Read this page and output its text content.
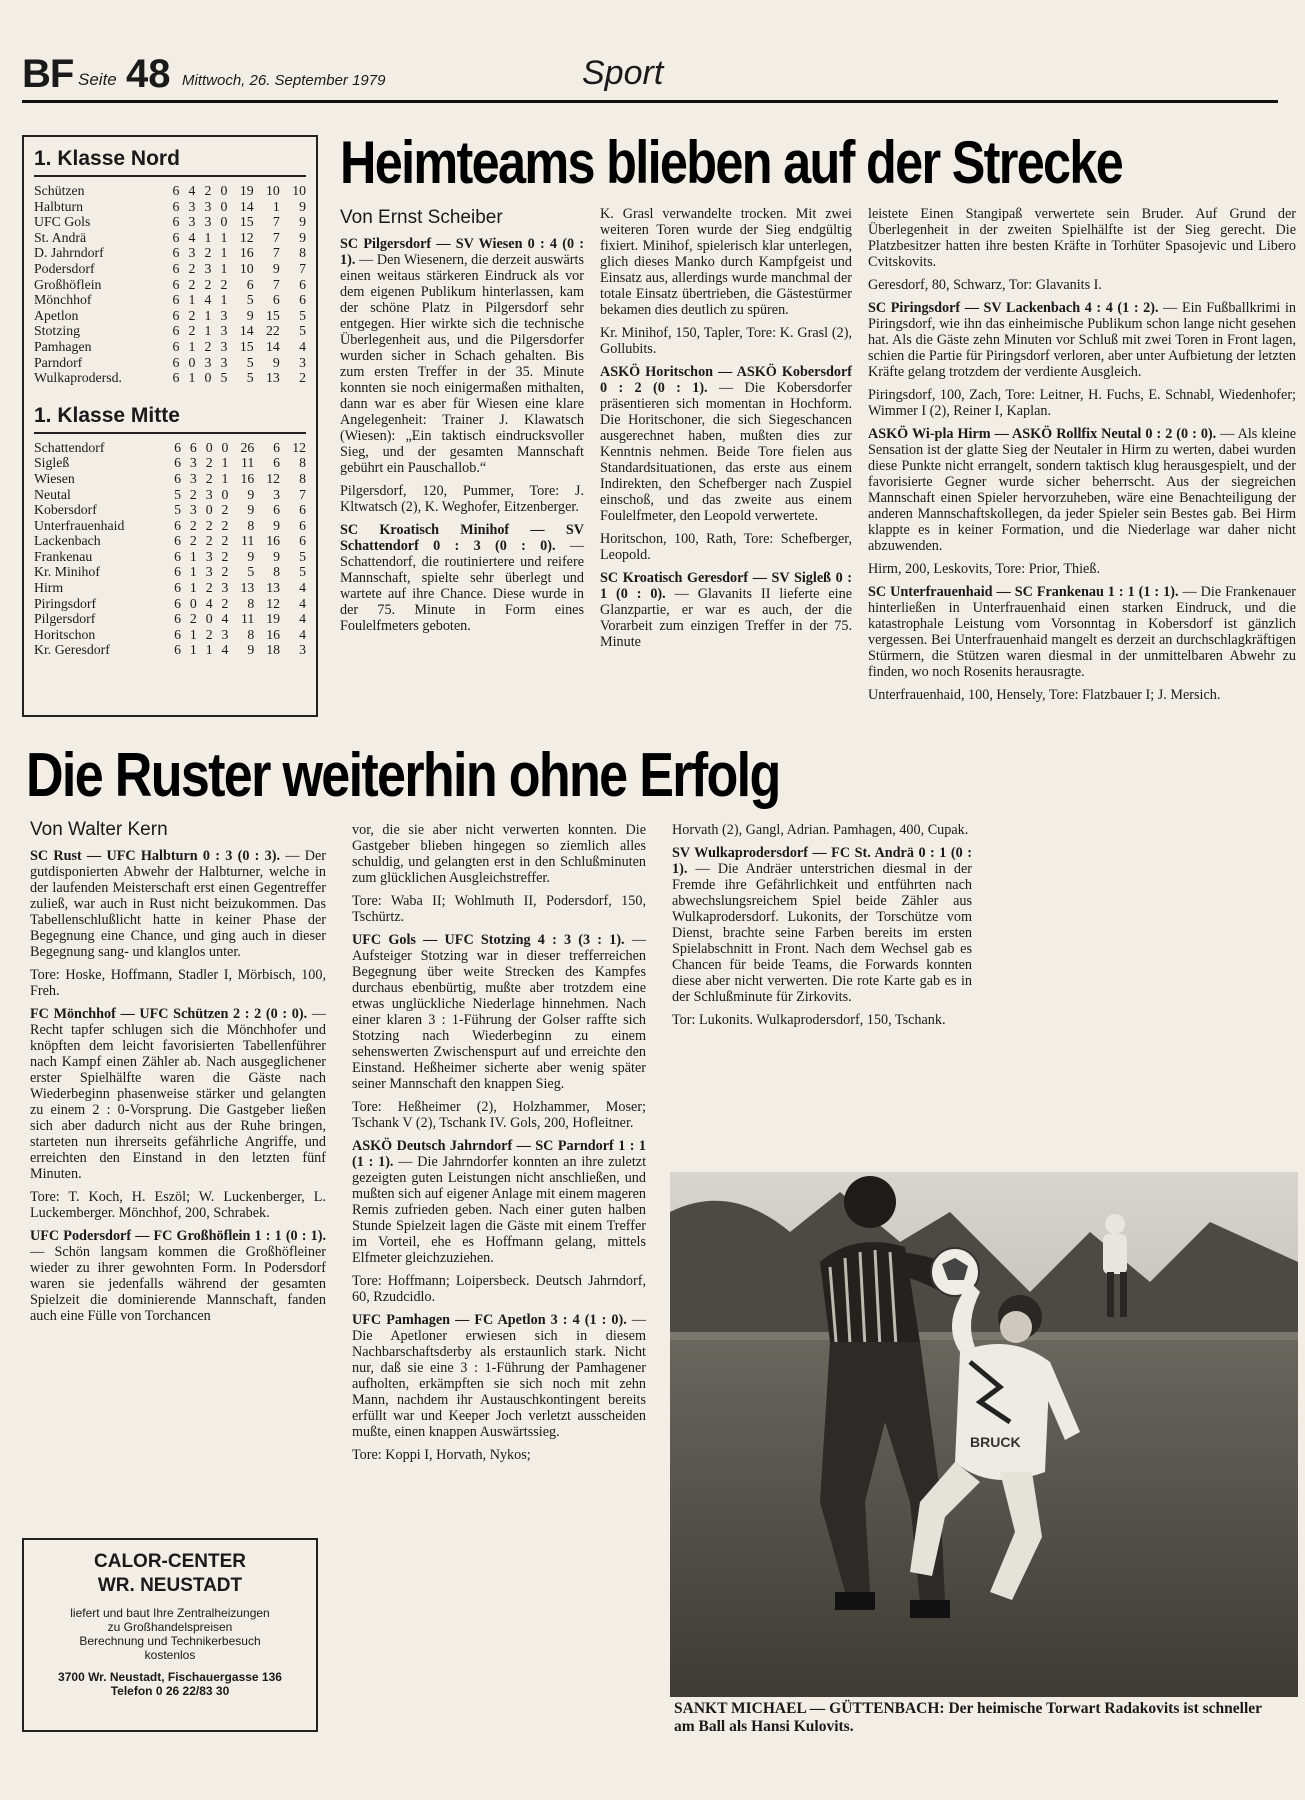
BF Seite 48 Mittwoch, 26. September 1979	Sport
1. Klasse Nord
Schützen	6	4	2	0	19	10	10
Halbturn	6	3	3	0	14	1	9
UFC Gols	6	3	3	0	15	7	9
St. Andrä	6	4	1	1	12	7	9
D. Jahrndorf	6	3	2	1	16	7	8
Podersdorf	6	2	3	1	10	9	7
Großhöflein	6	2	2	2	6	7	6
Mönchhof	6	1	4	1	5	6	6
Apetlon	6	2	1	3	9	15	5
Stotzing	6	2	1	3	14	22	5
Pamhagen	6	1	2	3	15	14	4
Parndorf	6	0	3	3	5	9	3
Wulkaprodersd.	6	1	0	5	5	13	2
1. Klasse Mitte
Schattendorf	6	6	0	0	26	6	12
Sigleß	6	3	2	1	11	6	8
Wiesen	6	3	2	1	16	12	8
Neutal	5	2	3	0	9	3	7
Kobersdorf	5	3	0	2	9	6	6
Unterfrauenhaid	6	2	2	2	8	9	6
Lackenbach	6	2	2	2	11	16	6
Frankenau	6	1	3	2	9	9	5
Kr. Minihof	6	1	3	2	5	8	5
Hirm	6	1	2	3	13	13	4
Piringsdorf	6	0	4	2	8	12	4
Pilgersdorf	6	2	0	4	11	19	4
Horitschon	6	1	2	3	8	16	4
Kr. Geresdorf	6	1	1	4	9	18	3
Heimteams blieben auf der Strecke
Von Ernst Scheiber

SC Pilgersdorf — SV Wiesen 0 : 4 (0 : 1). — Den Wiesenern, die derzeit auswärts einen weitaus stärkeren Eindruck als vor dem eigenen Publikum hinterlassen, kam der schöne Platz in Pilgersdorf sehr entgegen. Hier wirkte sich die technische Überlegenheit aus, und die Pilgersdorfer wurden sicher in Schach gehalten. Bis zum ersten Treffer in der 35. Minute konnten sie noch einigermaßen mithalten, dann war es aber für Wiesen eine klare Angelegenheit: Trainer J. Klawatsch (Wiesen): „Ein taktisch eindrucksvoller Sieg, und der gesamten Mannschaft gebührt ein Pauschallob.“

Pilgersdorf, 120, Pummer, Tore: J. Kltwatsch (2), K. Weghofer, Eitzenberger.

SC Kroatisch Minihof — SV Schattendorf 0 : 3 (0 : 0). — Schattendorf, die routiniertere und reifere Mannschaft, spielte sehr überlegt und wartete auf ihre Chance. Diese wurde in der 75. Minute in Form eines Foulelfmeters geboten.

K. Grasl verwandelte trocken. Mit zwei weiteren Toren wurde der Sieg endgültig fixiert. Minihof, spielerisch klar unterlegen, glich dieses Manko durch Kampfgeist und Einsatz aus, allerdings wurde manchmal der totale Einsatz übertrieben, die Gästestürmer bekamen dies deutlich zu spüren.

Kr. Minihof, 150, Tapler, Tore: K. Grasl (2), Gollubits.

ASKÖ Horitschon — ASKÖ Kobersdorf 0 : 2 (0 : 1). — Die Kobersdorfer präsentieren sich momentan in Hochform. Die Horitschoner, die sich Siegeschancen ausgerechnet haben, mußten dies zur Kenntnis nehmen. Beide Tore fielen aus Standardsituationen, das erste aus einem Indirekten, den Schefberger nach Zuspiel einschoß, und das zweite aus einem Foulelfmeter, den Leopold verwertete.

Horitschon, 100, Rath, Tore: Schefberger, Leopold.

SC Kroatisch Geresdorf — SV Sigleß 0 : 1 (0 : 0). — Glavanits II lieferte eine Glanzpartie, er war es auch, der die Vorarbeit zum einzigen Treffer in der 75. Minute

leistete Einen Stangipaß verwertete sein Bruder. Auf Grund der Überlegenheit in der zweiten Spielhälfte ist der Sieg gerecht. Die Platzbesitzer hatten ihre besten Kräfte in Torhüter Spasojevic und Libero Cvitskovits.

Geresdorf, 80, Schwarz, Tor: Glavanits I.

SC Piringsdorf — SV Lackenbach 4 : 4 (1 : 2). — Ein Fußballkrimi in Piringsdorf, wie ihn das einheimische Publikum schon lange nicht gesehen hat. Als die Gäste zehn Minuten vor Schluß mit zwei Toren in Front lagen, schien die Partie für Piringsdorf verloren, aber unter Aufbietung der letzten Kräfte gelang trotzdem der verdiente Ausgleich.

Piringsdorf, 100, Zach, Tore: Leitner, H. Fuchs, E. Schnabl, Wiedenhofer; Wimmer I (2), Reiner I, Kaplan.

ASKÖ Wi-pla Hirm — ASKÖ Rollfix Neutal 0 : 2 (0 : 0). — Als kleine Sensation ist der glatte Sieg der Neutaler in Hirm zu werten, dabei wurden diese Punkte nicht errangelt, sondern taktisch klug herausgespielt, und der favorisierte Gegner wurde sicher beherrscht. Aus der siegreichen Mannschaft einen Spieler hervorzuheben, wäre eine Benachteiligung der anderen Mannschaftskollegen, da jeder Spieler sein Bestes gab. Bei Hirm klappte es in keiner Formation, und die Niederlage war daher nicht abzuwenden.

Hirm, 200, Leskovits, Tore: Prior, Thieß.

SC Unterfrauenhaid — SC Frankenau 1 : 1 (1 : 1). — Die Frankenauer hinterließen in Unterfrauenhaid einen starken Eindruck, und die katastrophale Leistung vom Vorsonntag in Kobersdorf ist gänzlich vergessen. Bei Unterfrauenhaid mangelt es derzeit an durchschlagkräftigen Stürmern, die Stützen waren diesmal in der unmittelbaren Abwehr zu finden, wo noch Rosenits herausragte.

Unterfrauenhaid, 100, Hensely, Tore: Flatzbauer I; J. Mersich.

Die Ruster weiterhin ohne Erfolg
Von Walter Kern

SC Rust — UFC Halbturn 0 : 3 (0 : 3). — Der gutdisponierten Abwehr der Halbturner, welche in der laufenden Meisterschaft erst einen Gegentreffer zuließ, war auch in Rust nicht beizukommen. Das Tabellenschlußlicht hatte in keiner Phase der Begegnung eine Chance, und ging auch in dieser Begegnung sang- und klanglos unter.

Tore: Hoske, Hoffmann, Stadler I, Mörbisch, 100, Freh.

FC Mönchhof — UFC Schützen 2 : 2 (0 : 0). — Recht tapfer schlugen sich die Mönchhofer und knöpften dem leicht favorisierten Tabellenführer nach Kampf einen Zähler ab. Nach ausgeglichener erster Spielhälfte waren die Gäste nach Wiederbeginn phasenweise stärker und gelangten zu einem 2 : 0-Vorsprung. Die Gastgeber ließen sich aber dadurch nicht aus der Ruhe bringen, starteten nun ihrerseits gefährliche Angriffe, und erreichten den Einstand in den letzten fünf Minuten.

Tore: T. Koch, H. Eszöl; W. Luckenberger, L. Luckemberger. Mönchhof, 200, Schrabek.

UFC Podersdorf — FC Großhöflein 1 : 1 (0 : 1). — Schön langsam kommen die Großhöfleiner wieder zu ihrer gewohnten Form. In Podersdorf waren sie jedenfalls während der gesamten Spielzeit die dominierende Mannschaft, fanden auch eine Fülle von Torchancen

vor, die sie aber nicht verwerten konnten. Die Gastgeber blieben hingegen so ziemlich alles schuldig, und gelangten erst in den Schlußminuten zum glücklichen Ausgleichstreffer.

Tore: Waba II; Wohlmuth II, Podersdorf, 150, Tschürtz.

UFC Gols — UFC Stotzing 4 : 3 (3 : 1). — Aufsteiger Stotzing war in dieser trefferreichen Begegnung über weite Strecken des Kampfes durchaus ebenbürtig, mußte aber trotzdem eine etwas unglückliche Niederlage hinnehmen. Nach einer klaren 3 : 1-Führung der Golser raffte sich Stotzing nach Wiederbeginn zu einem sehenswerten Zwischenspurt auf und erreichte den Einstand. Heßheimer sicherte aber wenig später seiner Mannschaft den knappen Sieg.

Tore: Heßheimer (2), Holzhammer, Moser; Tschank V (2), Tschank IV. Gols, 200, Hofleitner.

ASKÖ Deutsch Jahrndorf — SC Parndorf 1 : 1 (1 : 1). — Die Jahrndorfer konnten an ihre zuletzt gezeigten guten Leistungen nicht anschließen, und mußten sich auf eigener Anlage mit einem mageren Remis zufrieden geben. Nach einer guten halben Stunde Spielzeit lagen die Gäste mit einem Treffer im Vorteil, ehe es Hoffmann gelang, mittels Elfmeter gleichzuziehen.

Tore: Hoffmann; Loipersbeck. Deutsch Jahrndorf, 60, Rzudcidlo.

UFC Pamhagen — FC Apetlon 3 : 4 (1 : 0). — Die Apetloner erwiesen sich in diesem Nachbarschaftsderby als erstaunlich stark. Nicht nur, daß sie eine 3 : 1-Führung der Pamhagener aufholten, erkämpften sie sich noch mit zehn Mann, nachdem ihr Austauschkontingent bereits erfüllt war und Keeper Joch verletzt ausscheiden mußte, einen knappen Auswärtssieg.

Tore: Koppi I, Horvath, Nykos;

Horvath (2), Gangl, Adrian. Pamhagen, 400, Cupak.

SV Wulkaprodersdorf — FC St. Andrä 0 : 1 (0 : 1). — Die Andräer unterstrichen diesmal in der Fremde ihre Gefährlichkeit und entführten nach abwechslungsreichem Spiel beide Zähler aus Wulkaprodersdorf. Lukonits, der Torschütze vom Dienst, brachte seine Farben bereits im ersten Spielabschnitt in Front. Nach dem Wechsel gab es Chancen für beide Teams, die Forwards konnten diese aber nicht verwerten. Die rote Karte gab es in der Schlußminute für Zirkovits.

Tor: Lukonits. Wulkaprodersdorf, 150, Tschank.

CALOR-CENTER
WR. NEUSTADT
liefert und baut Ihre Zentralheizungen
zu Großhandelspreisen
Berechnung und Technikerbesuch
kostenlos
3700 Wr. Neustadt, Fischauergasse 136
Telefon 0 26 22/83 30
BRUCK
SANKT MICHAEL — GÜTTENBACH: Der heimische Torwart Radakovits ist schneller am Ball als Hansi Kulovits.
